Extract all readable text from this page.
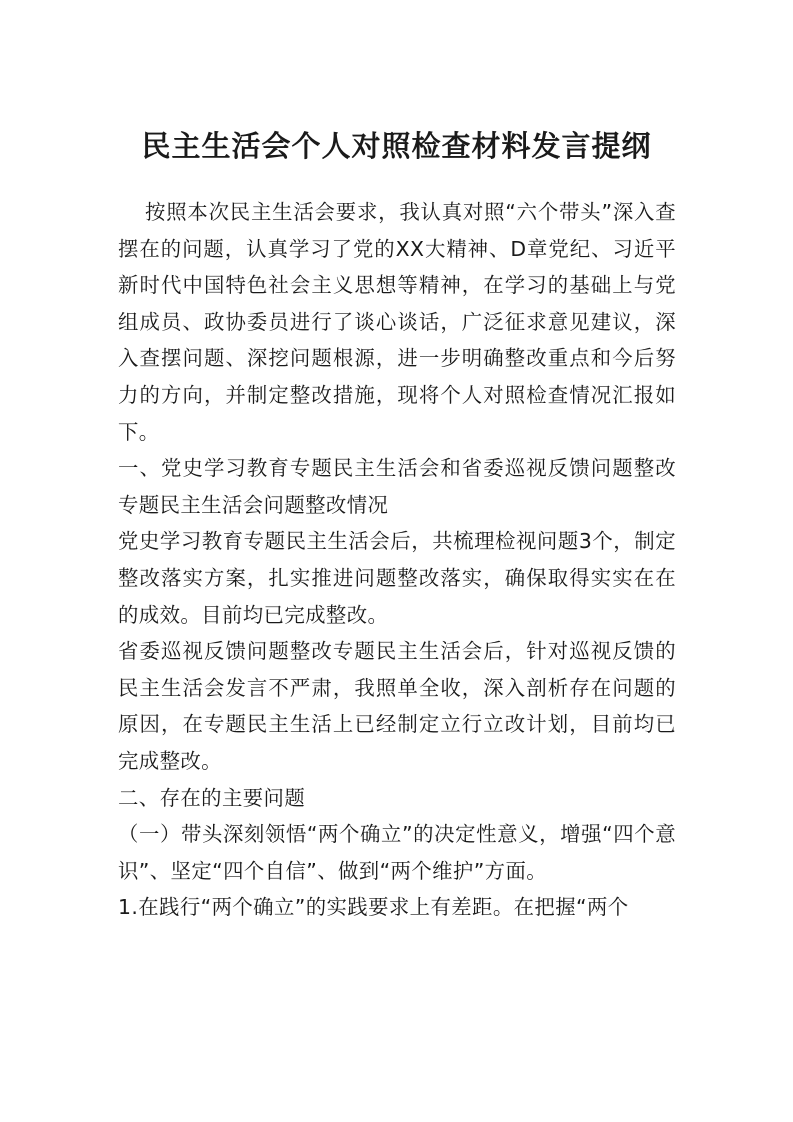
民主生活会个人对照检查材料发言提纲

按照本次民主生活会要求，我认真对照“六个带头”深入查摆在的问题，认真学习了党的XX大精神、D章党纪、习近平新时代中国特色社会主义思想等精神，在学习的基础上与党组成员、政协委员进行了谈心谈话，广泛征求意见建议，深入查摆问题、深挖问题根源，进一步明确整改重点和今后努力的方向，并制定整改措施，现将个人对照检查情况汇报如下。

一、党史学习教育专题民主生活会和省委巡视反馈问题整改专题民主生活会问题整改情况

党史学习教育专题民主生活会后，共梳理检视问题3个，制定整改落实方案，扎实推进问题整改落实，确保取得实实在在的成效。目前均已完成整改。

省委巡视反馈问题整改专题民主生活会后，针对巡视反馈的民主生活会发言不严肃，我照单全收，深入剖析存在问题的原因，在专题民主生活上已经制定立行立改计划，目前均已完成整改。

二、存在的主要问题

（一）带头深刻领悟“两个确立”的决定性意义，增强“四个意识”、坚定“四个自信”、做到“两个维护”方面。

1.在践行“两个确立”的实践要求上有差距。在把握“两个
